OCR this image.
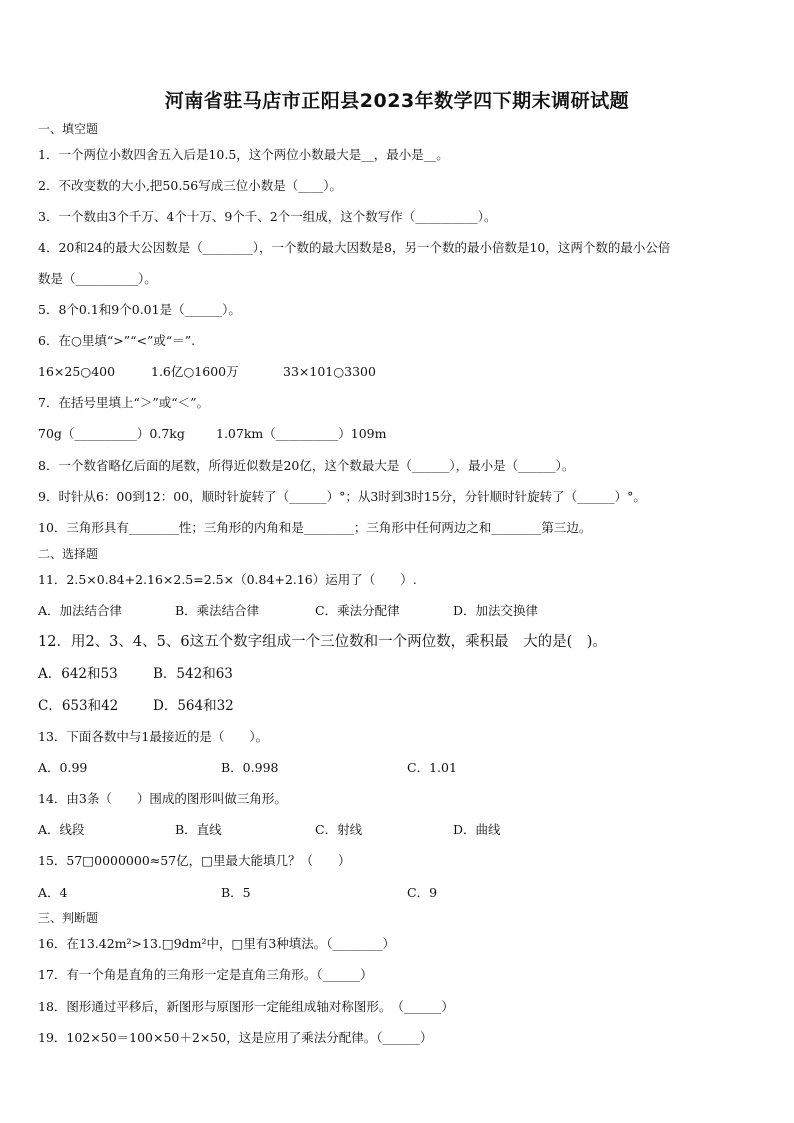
河南省驻马店市正阳县2023年数学四下期末调研试题
一、填空题
1．一个两位小数四舍五入后是10.5，这个两位小数最大是__，最小是__。
2．不改变数的大小,把50.56写成三位小数是（____）。
3．一个数由3个千万、4个十万、9个千、2个一组成，这个数写作（__________）。
4．20和24的最大公因数是（________），一个数的最大因数是8，另一个数的最小倍数是10，这两个数的最小公倍
数是（__________）。
5．8个0.1和9个0.01是（______）。
6．在○里填“>”“<”或“＝”.
16×25○400	1.6亿○1600万	33×101○3300
7．在括号里填上“＞”或“＜”。
70g（__________）0.7kg 1.07km（__________）109m
8．一个数省略亿后面的尾数，所得近似数是20亿，这个数最大是（______），最小是（______）。
9．时针从6：00到12：00，顺时针旋转了（______）°；从3时到3时15分，分针顺时针旋转了（______）°。
10．三角形具有________性；三角形的内角和是________；三角形中任何两边之和________第三边。
二、选择题
11．2.5×0.84+2.16×2.5=2.5×（0.84+2.16）运用了（　　）.
A．加法结合律	B．乘法结合律	C．乘法分配律	D．加法交换律
12．用2、3、4、5、6这五个数字组成一个三位数和一个两位数，乘积最　大的是(　)。
A．642和53	B．542和63
C．653和42	D．564和32
13．下面各数中与1最接近的是（　　）。
A．0.99	B．0.998	C．1.01
14．由3条（　　）围成的图形叫做三角形。
A．线段	B．直线	C．射线	D．曲线
15．57□0000000≈57亿，□里最大能填几？（　　）
A．4	B．5	C．9
三、判断题
16．在13.42m²>13.□9dm²中，□里有3种填法。（________）
17．有一个角是直角的三角形一定是直角三角形。（______）
18．图形通过平移后，新图形与原图形一定能组成轴对称图形。　（______）
19．102×50＝100×50＋2×50，这是应用了乘法分配律。（______）
